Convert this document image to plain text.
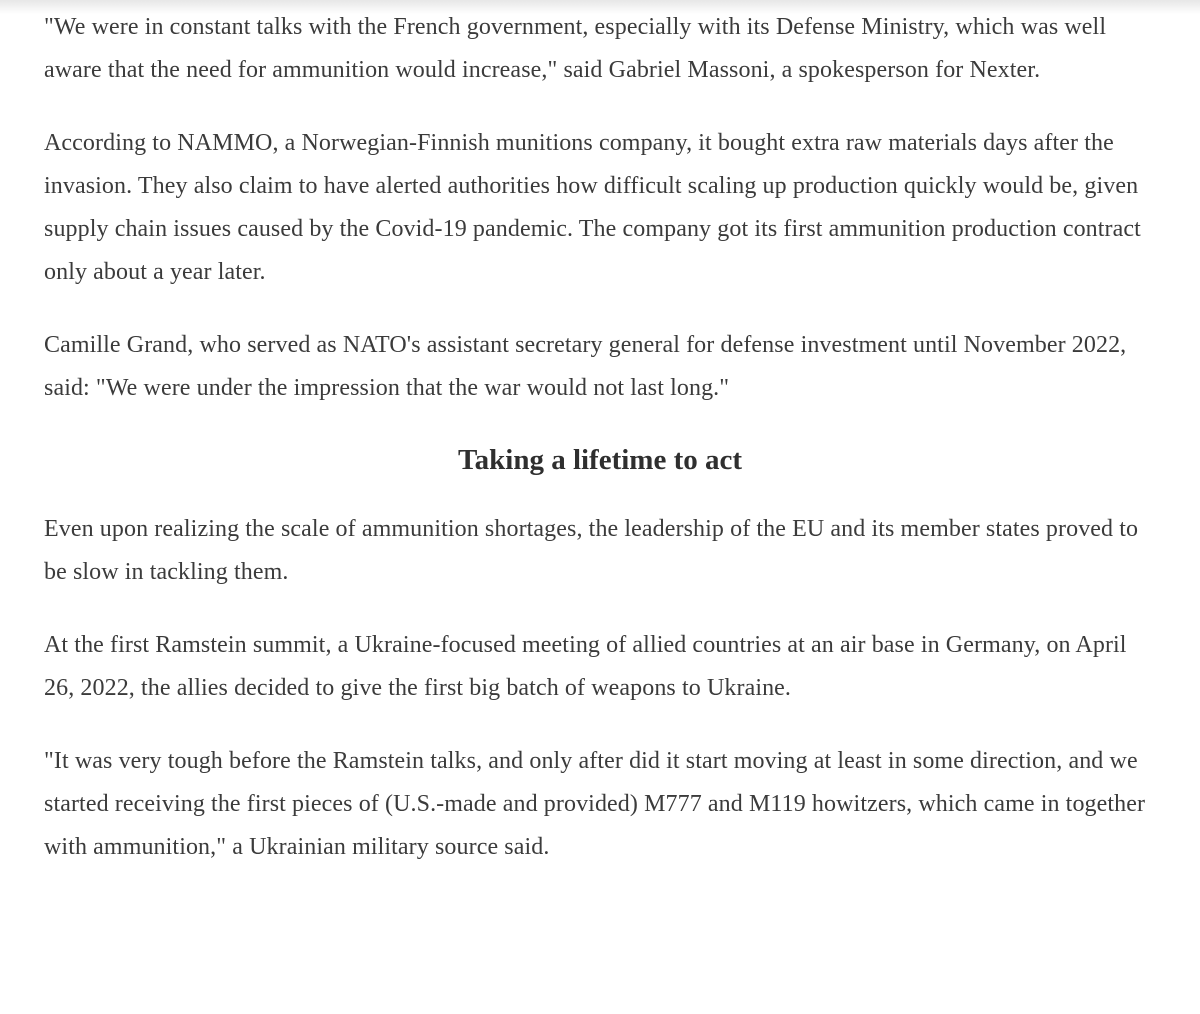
"We were in constant talks with the French government, especially with its Defense Ministry, which was well aware that the need for ammunition would increase," said Gabriel Massoni, a spokesperson for Nexter.

According to NAMMO, a Norwegian-Finnish munitions company, it bought extra raw materials days after the invasion. They also claim to have alerted authorities how difficult scaling up production quickly would be, given supply chain issues caused by the Covid-19 pandemic. The company got its first ammunition production contract only about a year later.

Camille Grand, who served as NATO's assistant secretary general for defense investment until November 2022, said: "We were under the impression that the war would not last long."

Taking a lifetime to act

Even upon realizing the scale of ammunition shortages, the leadership of the EU and its member states proved to be slow in tackling them.

At the first Ramstein summit, a Ukraine-focused meeting of allied countries at an air base in Germany, on April 26, 2022, the allies decided to give the first big batch of weapons to Ukraine.

"It was very tough before the Ramstein talks, and only after did it start moving at least in some direction, and we started receiving the first pieces of (U.S.-made and provided) M777 and M119 howitzers, which came in together with ammunition," a Ukrainian military source said.
